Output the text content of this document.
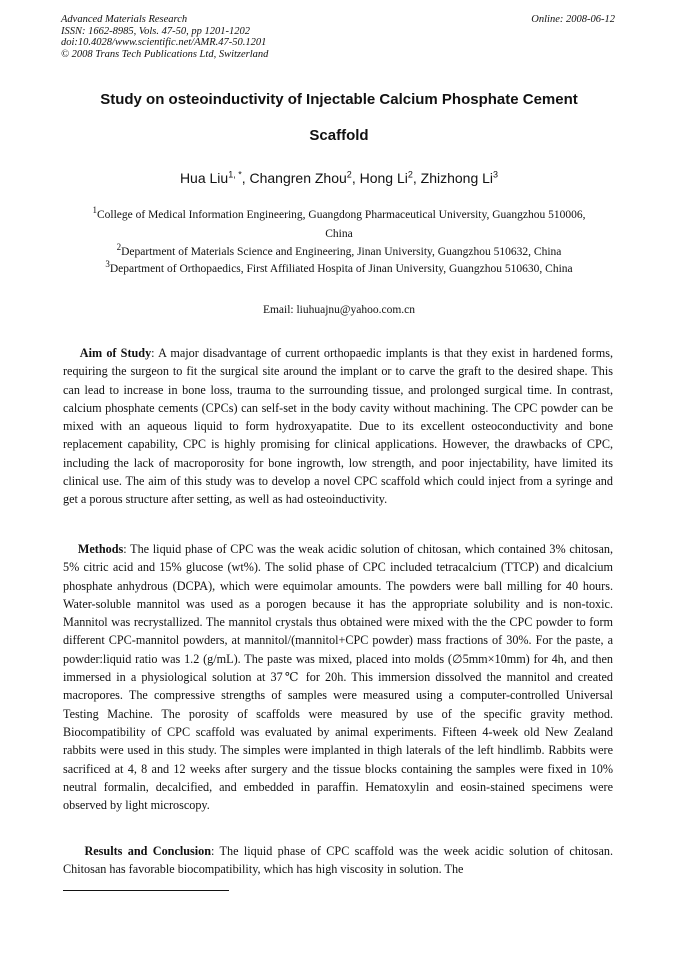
Advanced Materials Research
ISSN: 1662-8985, Vols. 47-50, pp 1201-1202
doi:10.4028/www.scientific.net/AMR.47-50.1201
© 2008 Trans Tech Publications Ltd, Switzerland
Online: 2008-06-12
Study on osteoinductivity of Injectable Calcium Phosphate Cement
Scaffold
Hua Liu$^{1, *}$, Changren Zhou$^2$, Hong Li$^2$, Zhizhong Li$^3$
$^1$College of Medical Information Engineering, Guangdong Pharmaceutical University, Guangzhou 510006,
China
$^2$Department of Materials Science and Engineering, Jinan University, Guangzhou 510632, China
$^3$Department of Orthopaedics, First Affiliated Hospita of Jinan University, Guangzhou 510630, China
Email: liuhuajnu@yahoo.com.cn

Aim of Study: A major disadvantage of current orthopaedic implants is that they exist in hardened forms, requiring the surgeon to fit the surgical site around the implant or to carve the graft to the desired shape. This can lead to increase in bone loss, trauma to the surrounding tissue, and prolonged surgical time. In contrast, calcium phosphate cements (CPCs) can self-set in the body cavity without machining. The CPC powder can be mixed with an aqueous liquid to form hydroxyapatite. Due to its excellent osteoconductivity and bone replacement capability, CPC is highly promising for clinical applications. However, the drawbacks of CPC, including the lack of macroporosity for bone ingrowth, low strength, and poor injectability, have limited its clinical use. The aim of this study was to develop a novel CPC scaffold which could inject from a syringe and get a porous structure after setting, as well as had osteoinductivity.

Methods: The liquid phase of CPC was the weak acidic solution of chitosan, which contained 3% chitosan, 5% citric acid and 15% glucose (wt%). The solid phase of CPC included tetracalcium (TTCP) and dicalcium phosphate anhydrous (DCPA), which were equimolar amounts. The powders were ball milling for 40 hours. Water-soluble mannitol was used as a porogen because it has the appropriate solubility and is non-toxic. Mannitol was recrystallized. The mannitol crystals thus obtained were mixed with the the CPC powder to form different CPC-mannitol powders, at mannitol/(mannitol+CPC powder) mass fractions of 30%. For the paste, a powder:liquid ratio was 1.2 (g/mL). The paste was mixed, placed into molds (∅5mm×10mm) for 4h, and then immersed in a physiological solution at 37℃ for 20h. This immersion dissolved the mannitol and created macropores. The compressive strengths of samples were measured using a computer-controlled Universal Testing Machine. The porosity of scaffolds were measured by use of the specific gravity method. Biocompatibility of CPC scaffold was evaluated by animal experiments. Fifteen 4-week old New Zealand rabbits were used in this study. The simples were implanted in thigh laterals of the left hindlimb. Rabbits were sacrificed at 4, 8 and 12 weeks after surgery and the tissue blocks containing the samples were fixed in 10% neutral formalin, decalcified, and embedded in paraffin. Hematoxylin and eosin-stained specimens were observed by light microscopy.

Results and Conclusion: The liquid phase of CPC scaffold was the week acidic solution of chitosan. Chitosan has favorable biocompatibility, which has high viscosity in solution. The
